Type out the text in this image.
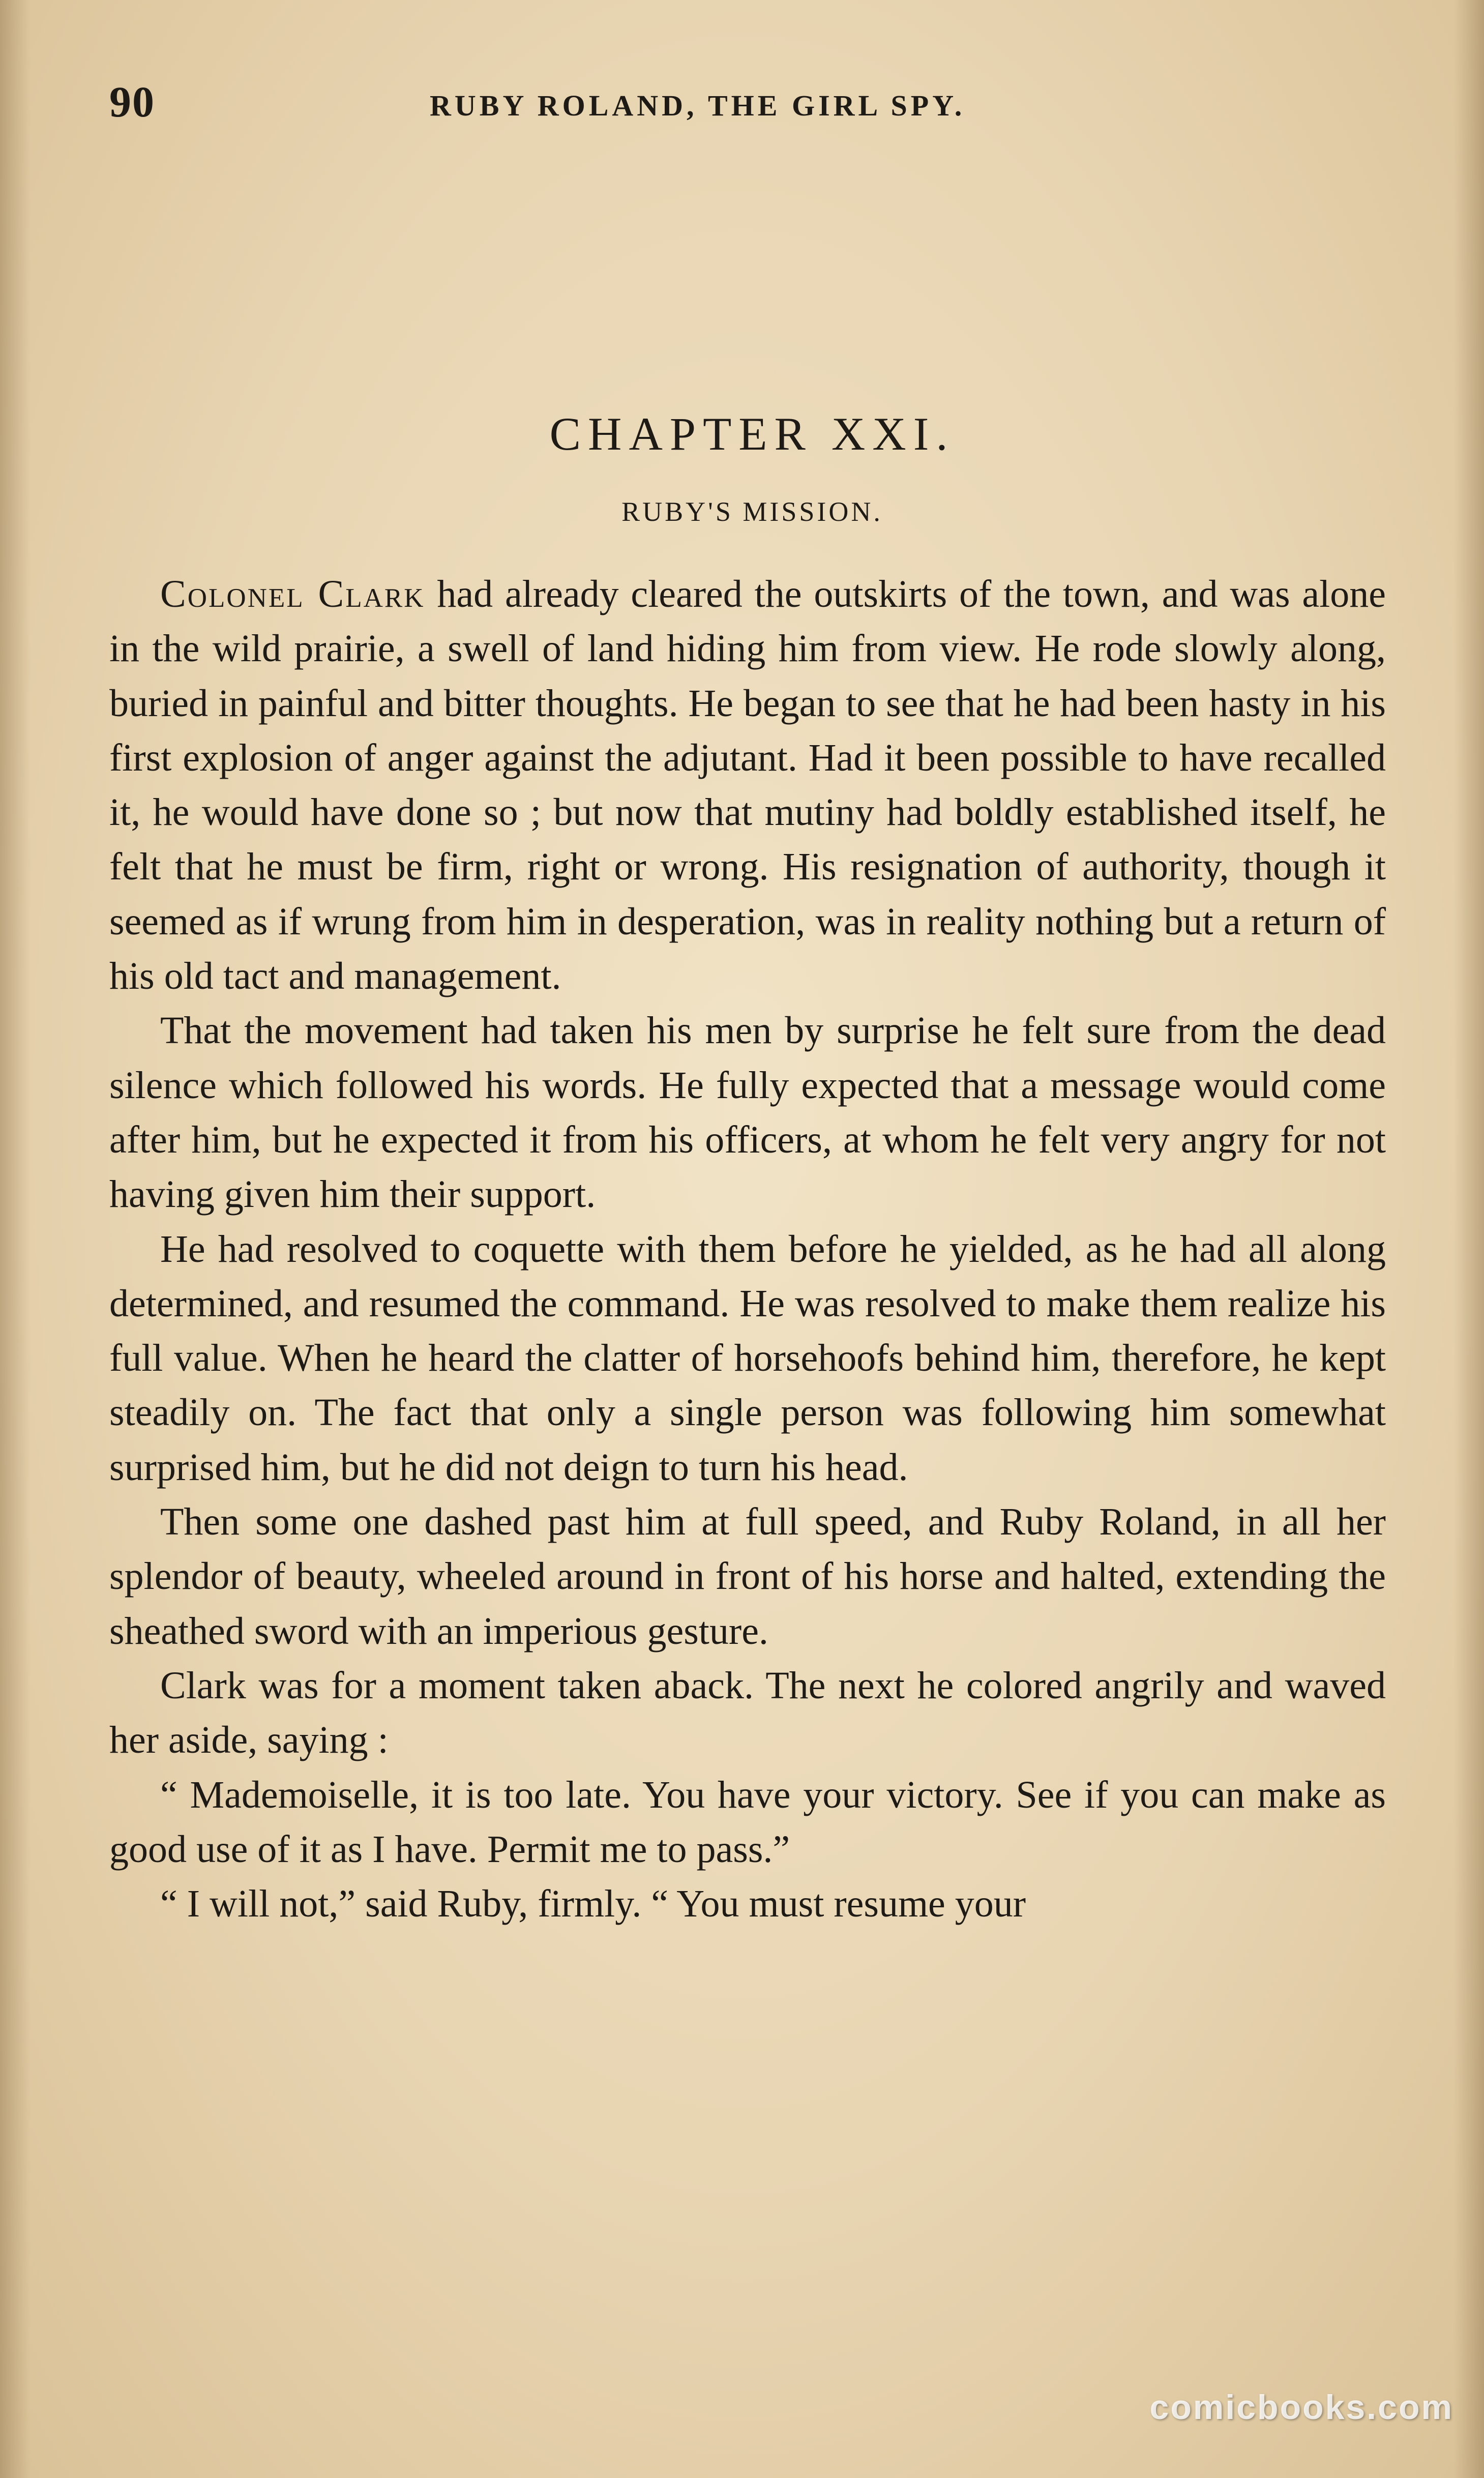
90	RUBY ROLAND, THE GIRL SPY.
CHAPTER XXI.
RUBY'S MISSION.

Colonel Clark had already cleared the outskirts of the town, and was alone in the wild prairie, a swell of land hiding him from view. He rode slowly along, buried in painful and bitter thoughts. He began to see that he had been hasty in his first explosion of anger against the adjutant. Had it been possible to have recalled it, he would have done so ; but now that mutiny had boldly established itself, he felt that he must be firm, right or wrong. His resignation of authority, though it seemed as if wrung from him in desperation, was in reality nothing but a return of his old tact and management.

That the movement had taken his men by surprise he felt sure from the dead silence which followed his words. He fully expected that a message would come after him, but he expected it from his officers, at whom he felt very angry for not having given him their support.

He had resolved to coquette with them before he yielded, as he had all along determined, and resumed the command. He was resolved to make them realize his full value. When he heard the clatter of horsehoofs behind him, therefore, he kept steadily on. The fact that only a single person was following him somewhat surprised him, but he did not deign to turn his head.

Then some one dashed past him at full speed, and Ruby Roland, in all her splendor of beauty, wheeled around in front of his horse and halted, extending the sheathed sword with an imperious gesture.

Clark was for a moment taken aback. The next he colored angrily and waved her aside, saying :

“ Mademoiselle, it is too late. You have your victory. See if you can make as good use of it as I have. Permit me to pass.”

“ I will not,” said Ruby, firmly. “ You must resume your

comicbooks.com
